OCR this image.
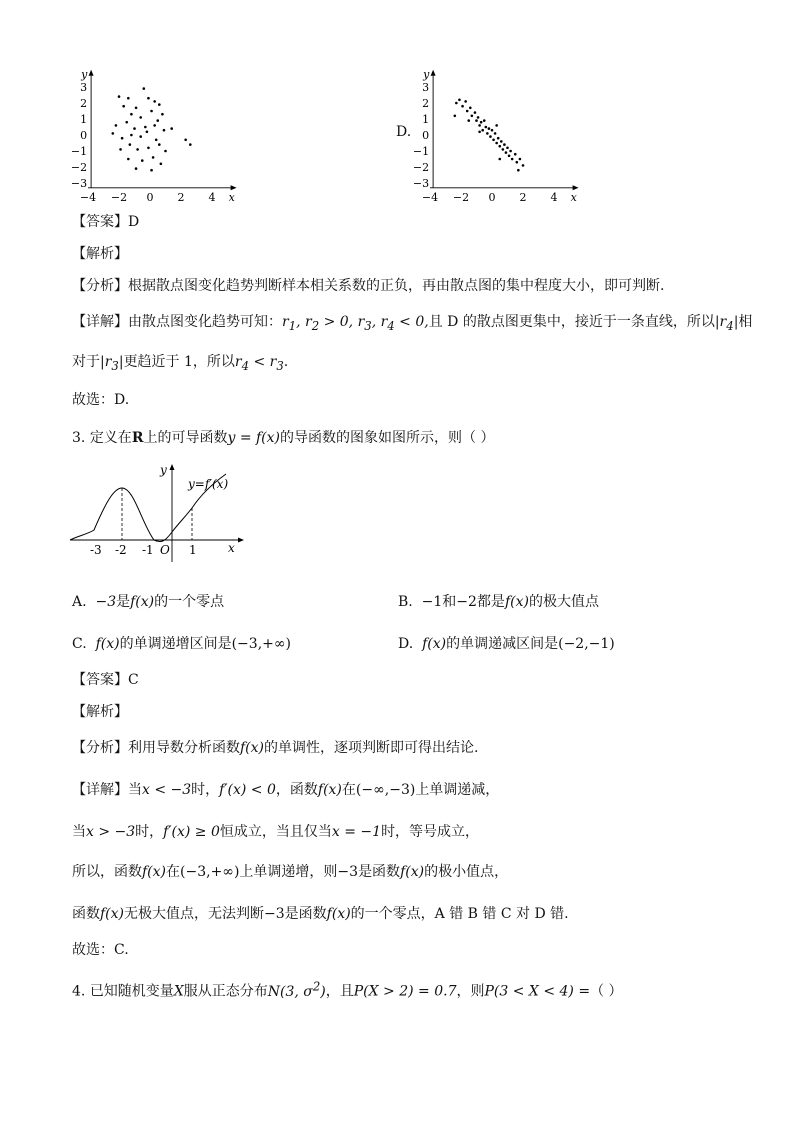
3
2
1
0
−1
−2
−3
−4 −2 0 2 4
y
x
D.
3
2
1
0
−1
−2
−3
−4 −2 0 2 4
y
x
【答案】D
【解析】
【分析】根据散点图变化趋势判断样本相关系数的正负，再由散点图的集中程度大小，即可判断.
【详解】由散点图变化趋势可知：$r_1$, $r_2 > 0$, $r_3$, $r_4 < 0$,且 D 的散点图更集中，接近于一条直线，所以$|r_4|$相
对于$|r_3|$更趋近于 1，所以$r_4 < r_3$.
故选：D.
3. 定义在R上的可导函数y = f(x)的导函数的图象如图所示，则（ ）
x
y
O
y=f′(x)
-3 -2 -1	1
A. −3是f(x)的一个零点	B. −1和−2都是f(x)的极大值点
C. f(x)的单调递增区间是(−3,+∞)	D. f(x)的单调递减区间是(−2,−1)
【答案】C
【解析】
【分析】利用导数分析函数f(x)的单调性，逐项判断即可得出结论.
【详解】当x < −3时，f′(x) < 0，函数f(x)在(−∞,−3)上单调递减，
当x > −3时，f′(x) ≥ 0恒成立，当且仅当x = −1时，等号成立，
所以，函数f(x)在(−3,+∞)上单调递增，则−3是函数f(x)的极小值点，
函数f(x)无极大值点，无法判断−3是函数f(x)的一个零点，A 错 B 错 C 对 D 错.
故选：C.
4. 已知随机变量X服从正态分布N(3, $\sigma^2$)，且P(X > 2) = 0.7，则P(3 < X < 4) =（ ）
